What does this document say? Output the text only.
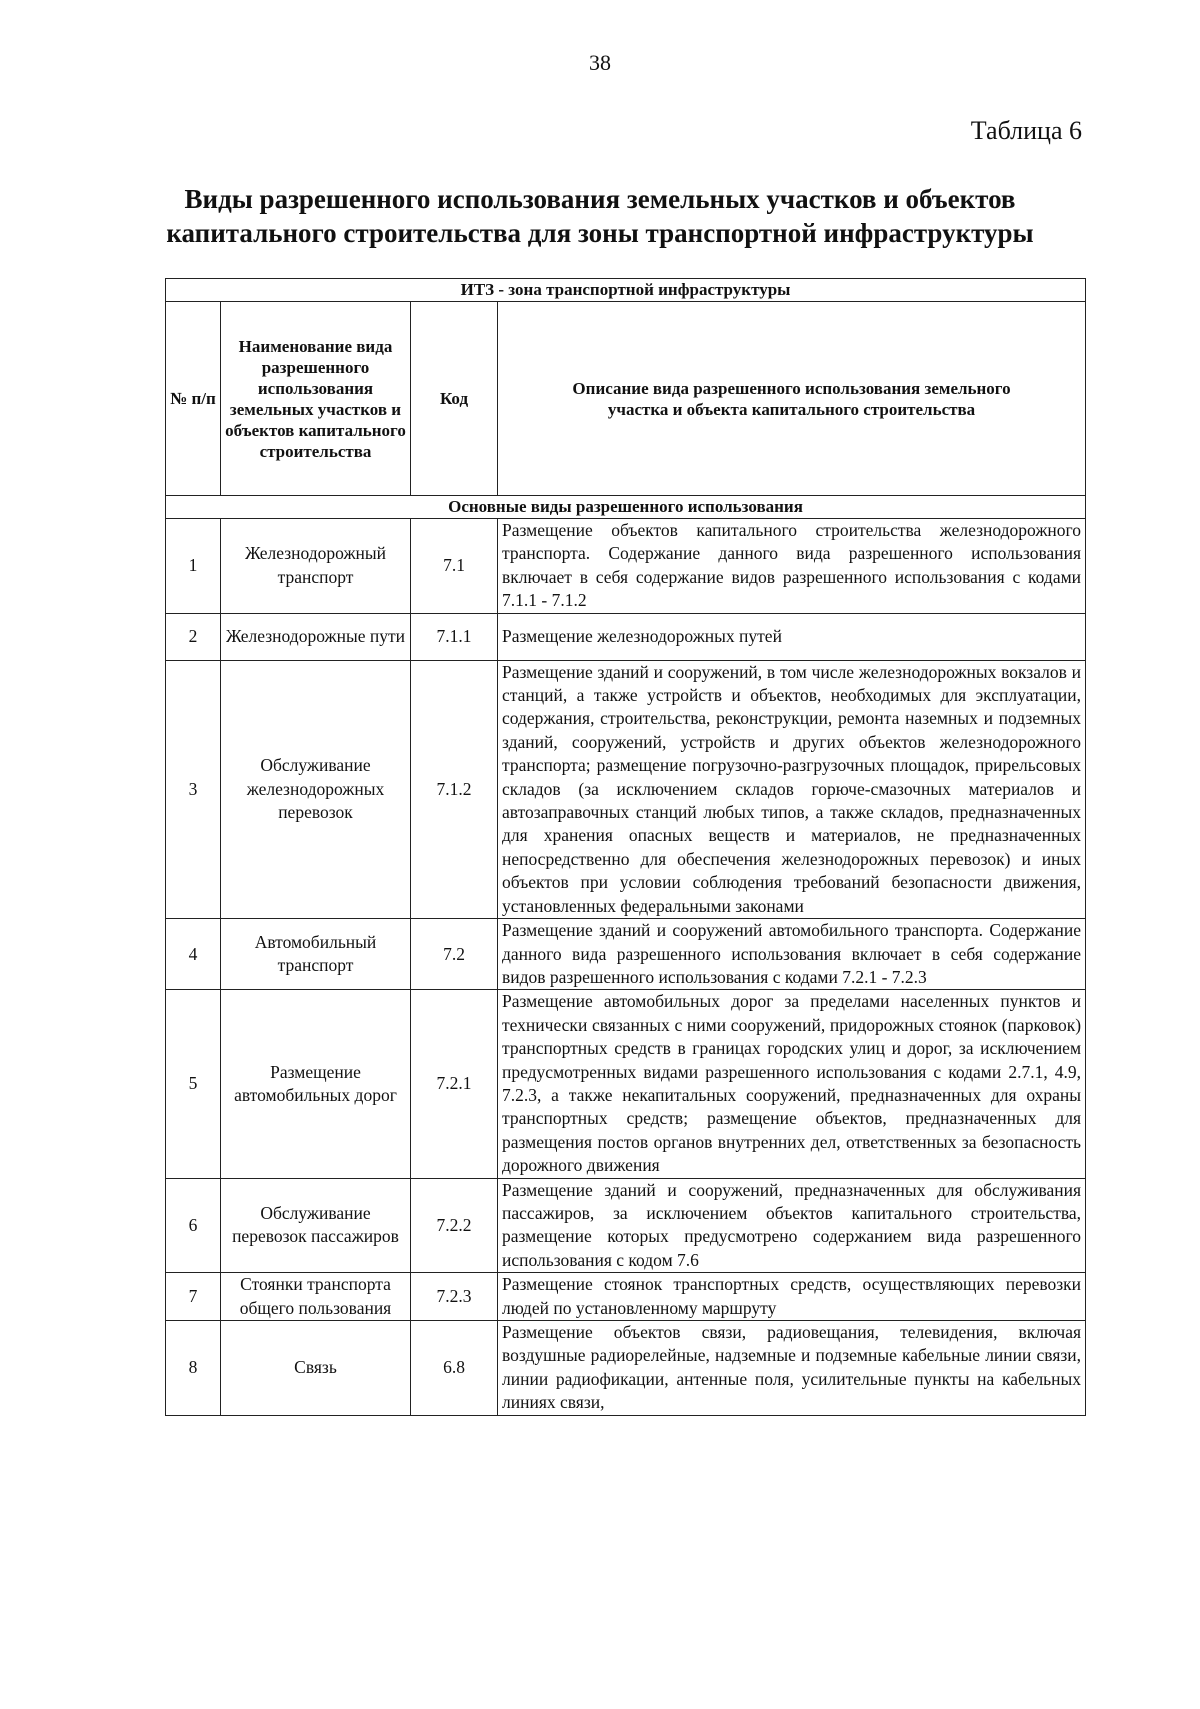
38
Таблица 6
Виды разрешенного использования земельных участков и объектов
капитального строительства для зоны транспортной инфраструктуры
ИТЗ - зона транспортной инфраструктуры			
№ п/п	Наименование вида разрешенного использования земельных участков и объектов капитального строительства	Код	Описание вида разрешенного использования земельного участка и объекта капитального строительства
Основные виды разрешенного использования			
1	Железнодорожный транспорт	7.1	Размещение объектов капитального строительства железнодорожного транспорта. Содержание данного вида разрешенного использования включает в себя содержание видов разрешенного использования с кодами 7.1.1 - 7.1.2
2	Железнодорожные пути	7.1.1	Размещение железнодорожных путей
3	Обслуживание железнодорожных перевозок	7.1.2	Размещение зданий и сооружений, в том числе железнодорожных вокзалов и станций, а также устройств и объектов, необходимых для эксплуатации, содержания, строительства, реконструкции, ремонта наземных и подземных зданий, сооружений, устройств и других объектов железнодорожного транспорта; размещение погрузочно-разгрузочных площадок, прирельсовых складов (за исключением складов горюче-смазочных материалов и автозаправочных станций любых типов, а также складов, предназначенных для хранения опасных веществ и материалов, не предназначенных непосредственно для обеспечения железнодорожных перевозок) и иных объектов при условии соблюдения требований безопасности движения, установленных федеральными законами
4	Автомобильный транспорт	7.2	Размещение зданий и сооружений автомобильного транспорта. Содержание данного вида разрешенного использования включает в себя содержание видов разрешенного использования с кодами 7.2.1 - 7.2.3
5	Размещение автомобильных дорог	7.2.1	Размещение автомобильных дорог за пределами населенных пунктов и технически связанных с ними сооружений, придорожных стоянок (парковок) транспортных средств в границах городских улиц и дорог, за исключением предусмотренных видами разрешенного использования с кодами 2.7.1, 4.9, 7.2.3, а также некапитальных сооружений, предназначенных для охраны транспортных средств; размещение объектов, предназначенных для размещения постов органов внутренних дел, ответственных за безопасность дорожного движения
6	Обслуживание перевозок пассажиров	7.2.2	Размещение зданий и сооружений, предназначенных для обслуживания пассажиров, за исключением объектов капитального строительства, размещение которых предусмотрено содержанием вида разрешенного использования с кодом 7.6
7	Стоянки транспорта общего пользования	7.2.3	Размещение стоянок транспортных средств, осуществляющих перевозки людей по установленному маршруту
8	Связь	6.8	Размещение объектов связи, радиовещания, телевидения, включая воздушные радиорелейные, надземные и подземные кабельные линии связи, линии радиофикации, антенные поля, усилительные пункты на кабельных линиях связи,
